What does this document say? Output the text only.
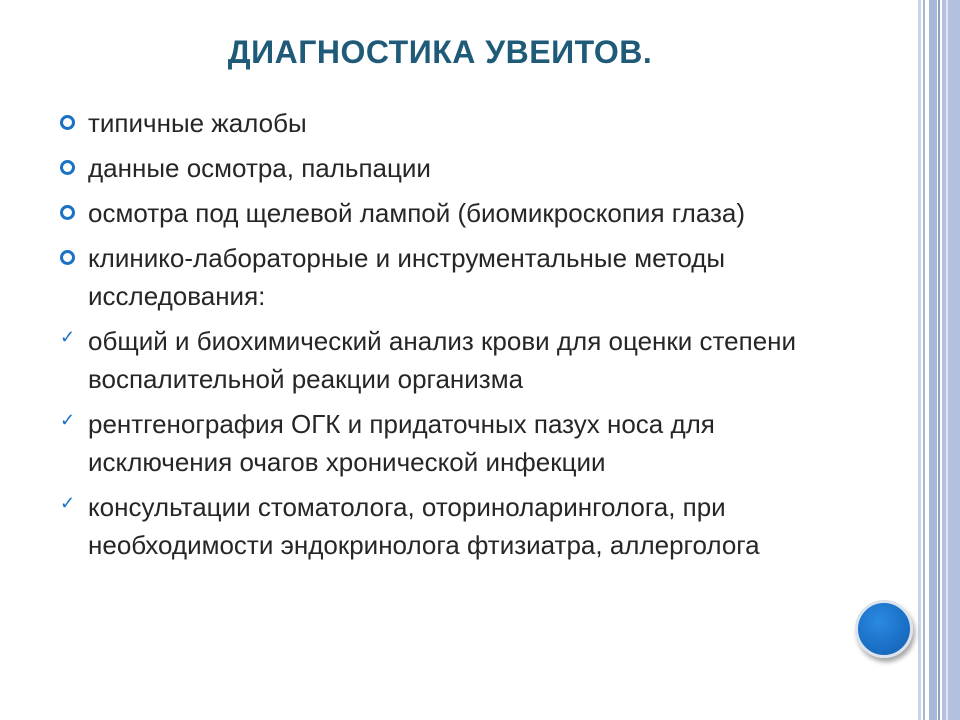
ДИАГНОСТИКА УВЕИТОВ.
типичные жалобы
данные осмотра, пальпации
осмотра под щелевой лампой (биомикроскопия глаза)
клинико-лабораторные и инструментальные методы исследования:
✓ общий и биохимический анализ крови для оценки степени воспалительной реакции организма
✓ рентгенография ОГК и придаточных пазух носа для исключения очагов хронической инфекции
✓ консультации стоматолога, оториноларинголога, при необходимости эндокринолога фтизиатра, аллерголога
